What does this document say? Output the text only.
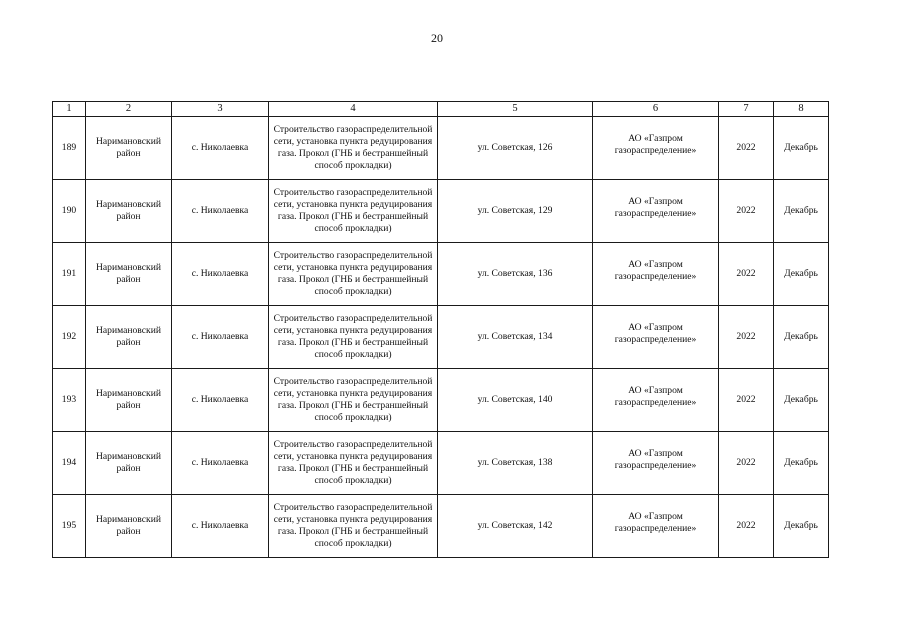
20
1	2	3	4	5	6	7	8
189	Наримановский район	с. Николаевка	Строительство газораспределительной сети, установка пункта редуцирования газа. Прокол (ГНБ и бестраншейный способ прокладки)	ул. Советская, 126	АО «Газпром газораспределение»	2022	Декабрь
190	Наримановский район	с. Николаевка	Строительство газораспределительной сети, установка пункта редуцирования газа. Прокол (ГНБ и бестраншейный способ прокладки)	ул. Советская, 129	АО «Газпром газораспределение»	2022	Декабрь
191	Наримановский район	с. Николаевка	Строительство газораспределительной сети, установка пункта редуцирования газа. Прокол (ГНБ и бестраншейный способ прокладки)	ул. Советская, 136	АО «Газпром газораспределение»	2022	Декабрь
192	Наримановский район	с. Николаевка	Строительство газораспределительной сети, установка пункта редуцирования газа. Прокол (ГНБ и бестраншейный способ прокладки)	ул. Советская, 134	АО «Газпром газораспределение»	2022	Декабрь
193	Наримановский район	с. Николаевка	Строительство газораспределительной сети, установка пункта редуцирования газа. Прокол (ГНБ и бестраншейный способ прокладки)	ул. Советская, 140	АО «Газпром газораспределение»	2022	Декабрь
194	Наримановский район	с. Николаевка	Строительство газораспределительной сети, установка пункта редуцирования газа. Прокол (ГНБ и бестраншейный способ прокладки)	ул. Советская, 138	АО «Газпром газораспределение»	2022	Декабрь
195	Наримановский район	с. Николаевка	Строительство газораспределительной сети, установка пункта редуцирования газа. Прокол (ГНБ и бестраншейный способ прокладки)	ул. Советская, 142	АО «Газпром газораспределение»	2022	Декабрь
